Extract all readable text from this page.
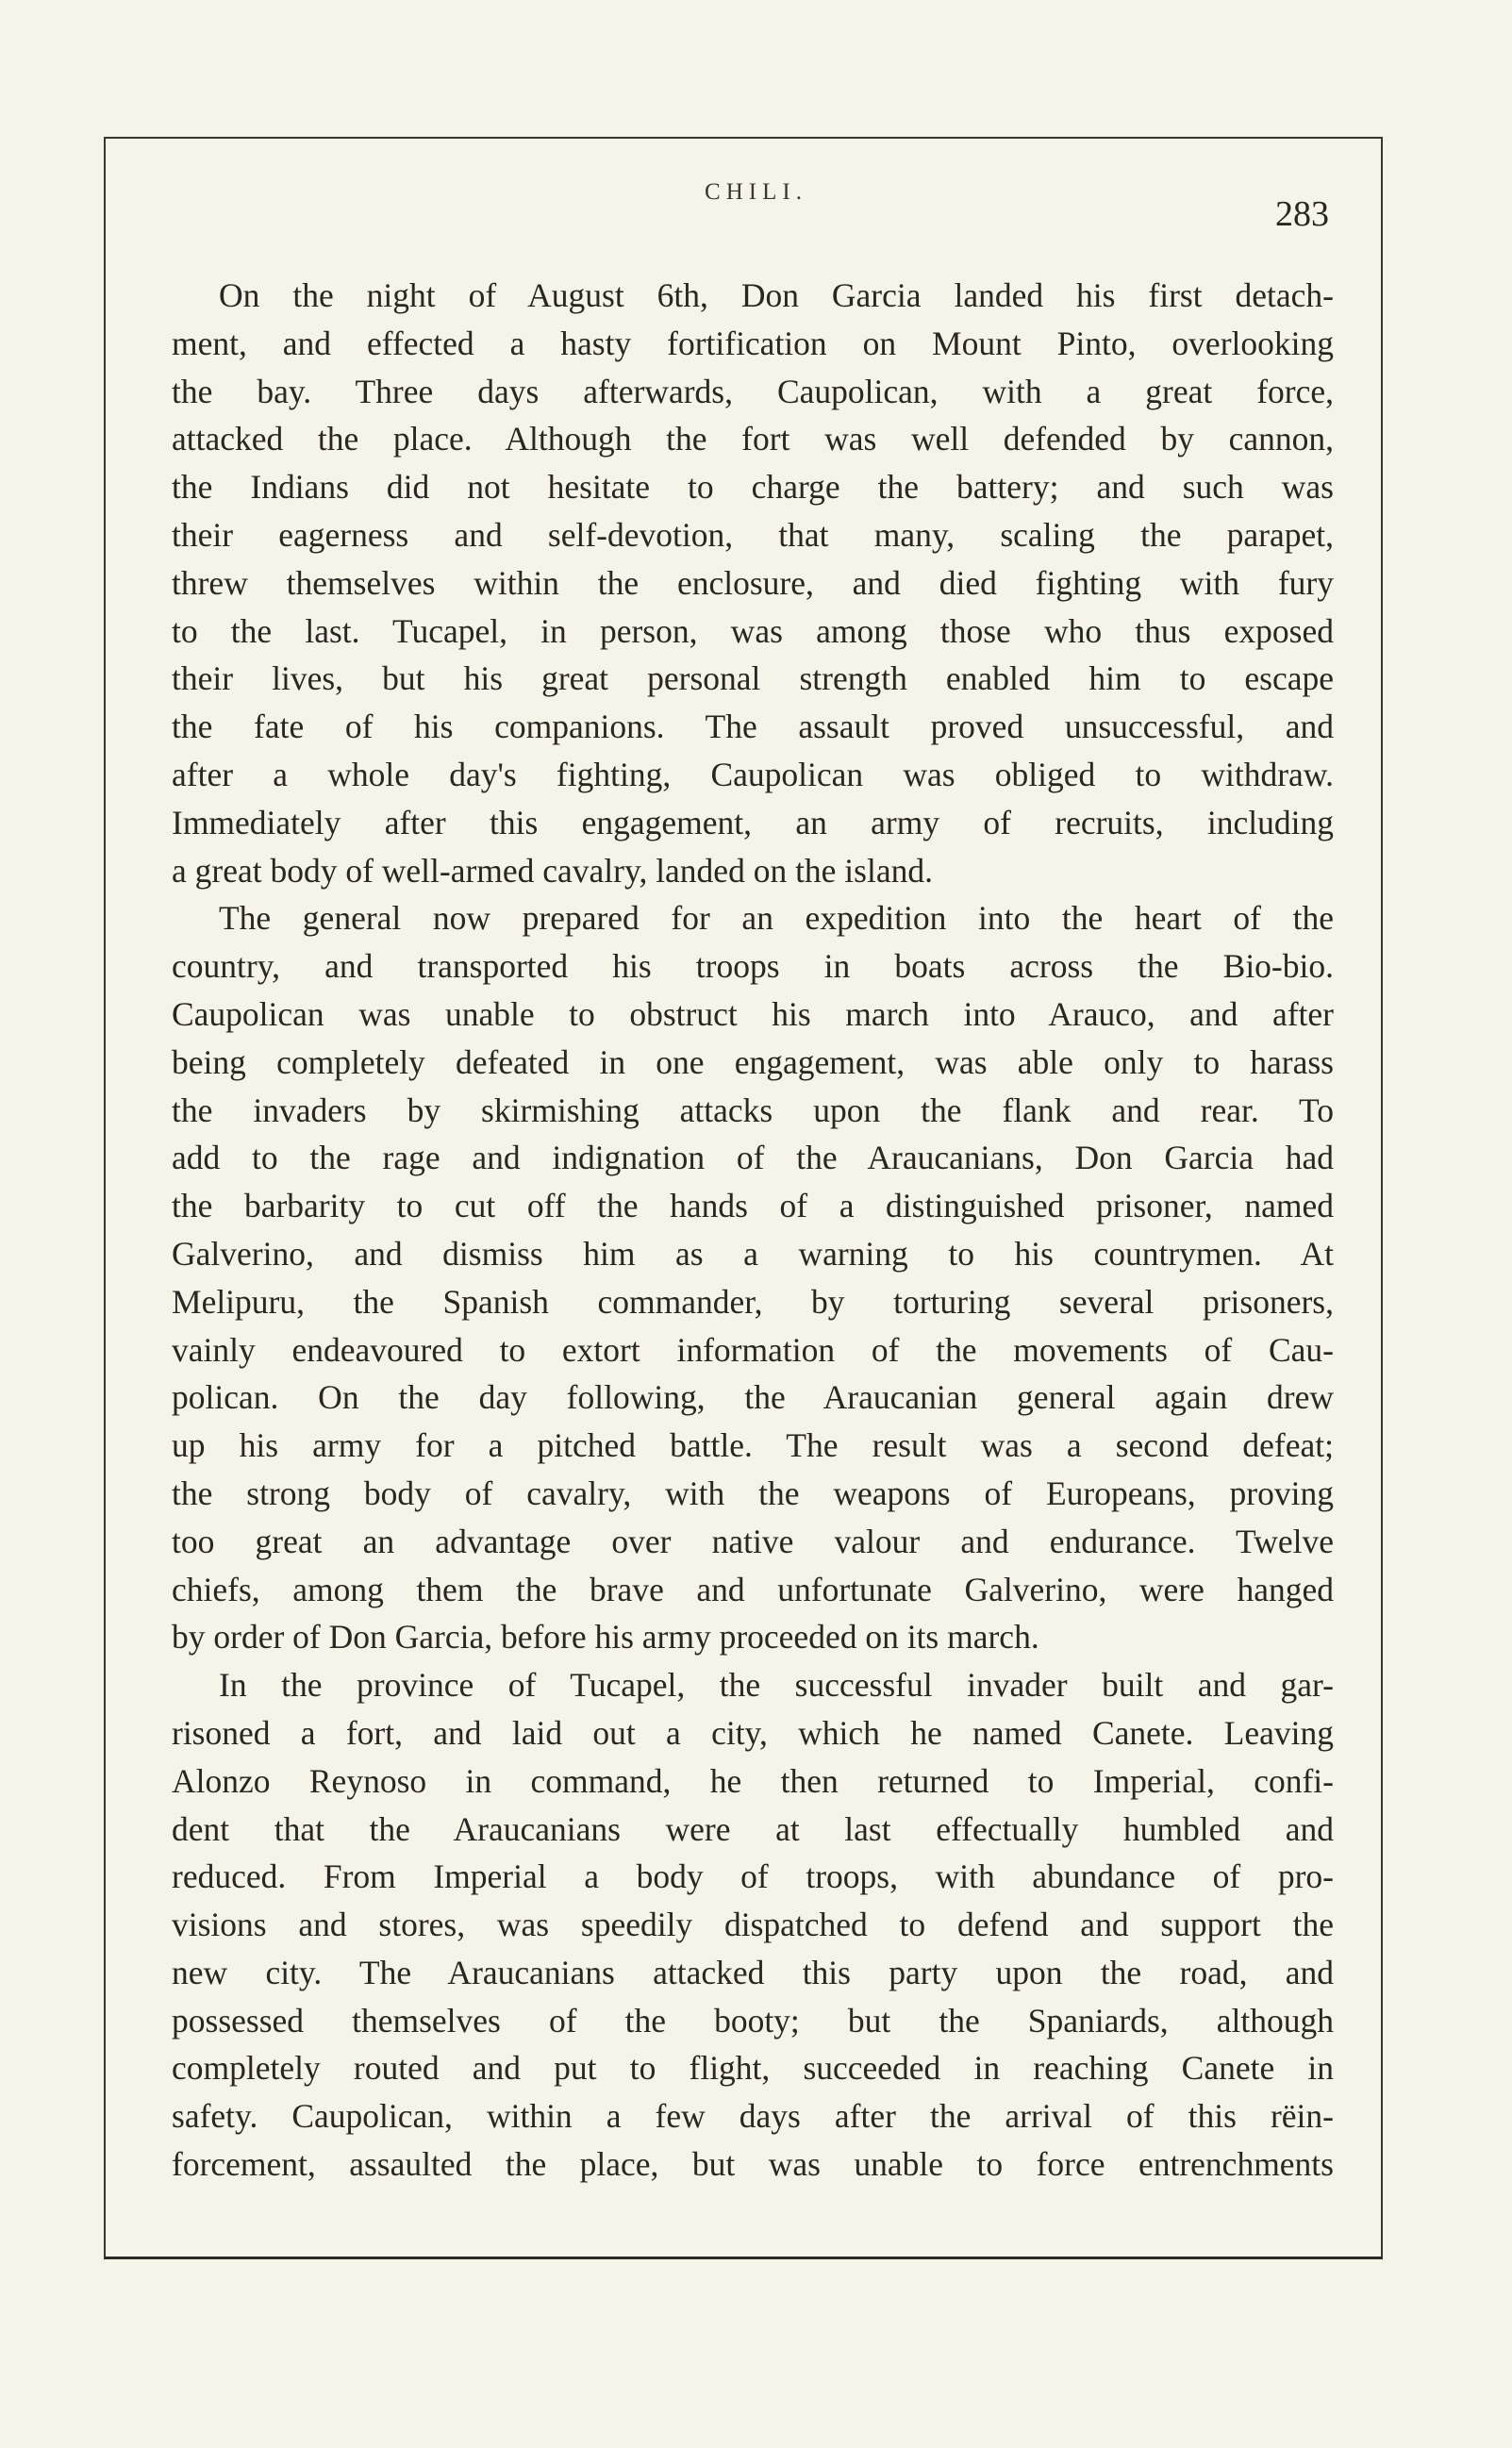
CHILI.
283
On the night of August 6th, Don Garcia landed his first detach-
ment, and effected a hasty fortification on Mount Pinto, overlooking
the bay. Three days afterwards, Caupolican, with a great force,
attacked the place. Although the fort was well defended by cannon,
the Indians did not hesitate to charge the battery; and such was
their eagerness and self-devotion, that many, scaling the parapet,
threw themselves within the enclosure, and died fighting with fury
to the last. Tucapel, in person, was among those who thus exposed
their lives, but his great personal strength enabled him to escape
the fate of his companions. The assault proved unsuccessful, and
after a whole day's fighting, Caupolican was obliged to withdraw.
Immediately after this engagement, an army of recruits, including
a great body of well-armed cavalry, landed on the island.
The general now prepared for an expedition into the heart of the
country, and transported his troops in boats across the Bio-bio.
Caupolican was unable to obstruct his march into Arauco, and after
being completely defeated in one engagement, was able only to harass
the invaders by skirmishing attacks upon the flank and rear. To
add to the rage and indignation of the Araucanians, Don Garcia had
the barbarity to cut off the hands of a distinguished prisoner, named
Galverino, and dismiss him as a warning to his countrymen. At
Melipuru, the Spanish commander, by torturing several prisoners,
vainly endeavoured to extort information of the movements of Cau-
polican. On the day following, the Araucanian general again drew
up his army for a pitched battle. The result was a second defeat;
the strong body of cavalry, with the weapons of Europeans, proving
too great an advantage over native valour and endurance. Twelve
chiefs, among them the brave and unfortunate Galverino, were hanged
by order of Don Garcia, before his army proceeded on its march.
In the province of Tucapel, the successful invader built and gar-
risoned a fort, and laid out a city, which he named Canete. Leaving
Alonzo Reynoso in command, he then returned to Imperial, confi-
dent that the Araucanians were at last effectually humbled and
reduced. From Imperial a body of troops, with abundance of pro-
visions and stores, was speedily dispatched to defend and support the
new city. The Araucanians attacked this party upon the road, and
possessed themselves of the booty; but the Spaniards, although
completely routed and put to flight, succeeded in reaching Canete in
safety. Caupolican, within a few days after the arrival of this rëin-
forcement, assaulted the place, but was unable to force entrenchments
